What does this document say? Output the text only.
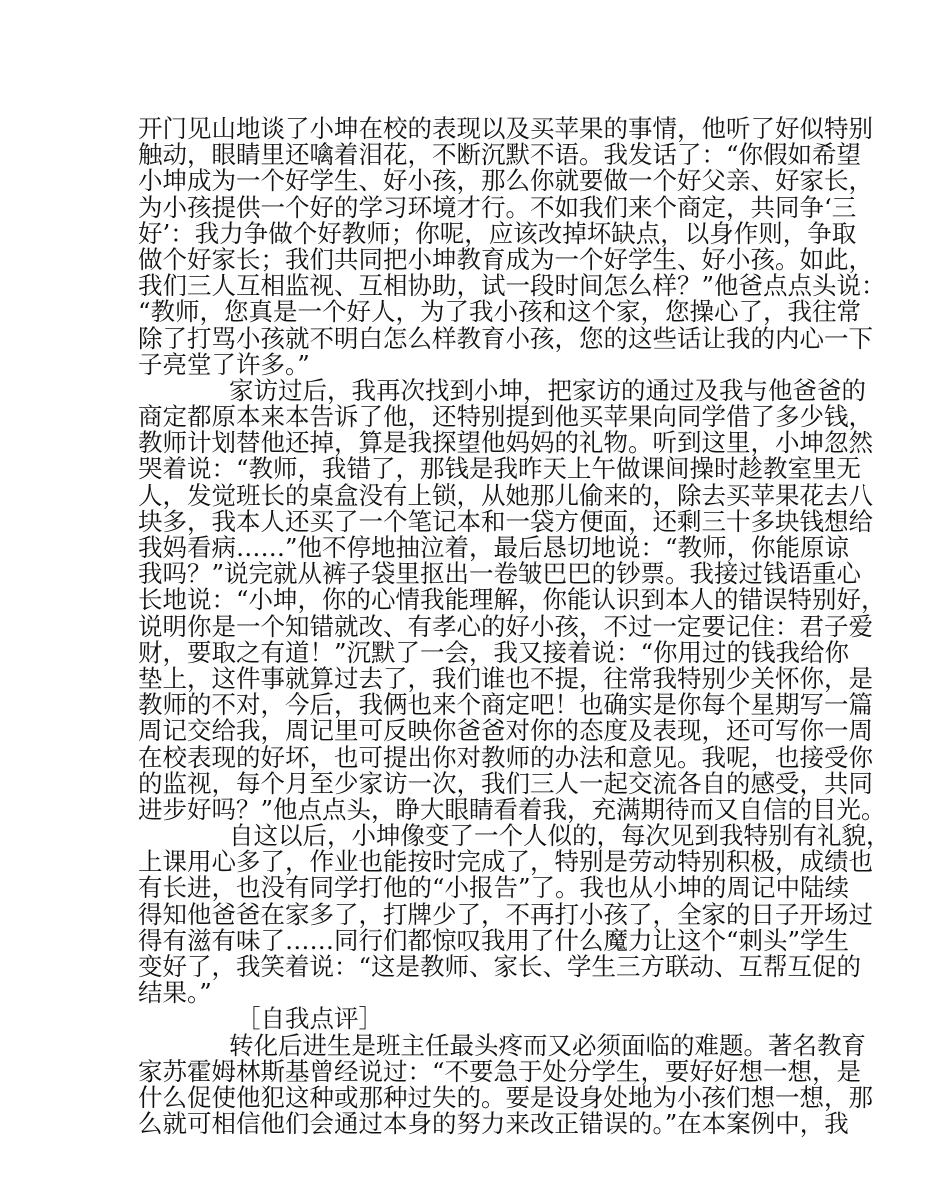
开门见山地谈了小坤在校的表现以及买苹果的事情，他听了好似特别
触动，眼睛里还噙着泪花，不断沉默不语。我发话了：“你假如希望
小坤成为一个好学生、好小孩，那么你就要做一个好父亲、好家长，
为小孩提供一个好的学习环境才行。不如我们来个商定，共同争‘三
好’：我力争做个好教师；你呢，应该改掉坏缺点，以身作则，争取
做个好家长；我们共同把小坤教育成为一个好学生、好小孩。如此，
我们三人互相监视、互相协助，试一段时间怎么样？”他爸点点头说：
“教师，您真是一个好人，为了我小孩和这个家，您操心了，我往常
除了打骂小孩就不明白怎么样教育小孩，您的这些话让我的内心一下
子亮堂了许多。”
家访过后，我再次找到小坤，把家访的通过及我与他爸爸的
商定都原本来本告诉了他，还特别提到他买苹果向同学借了多少钱，
教师计划替他还掉，算是我探望他妈妈的礼物。听到这里，小坤忽然
哭着说：“教师，我错了，那钱是我昨天上午做课间操时趁教室里无
人，发觉班长的桌盒没有上锁，从她那儿偷来的，除去买苹果花去八
块多，我本人还买了一个笔记本和一袋方便面，还剩三十多块钱想给
我妈看病……”他不停地抽泣着，最后恳切地说：“教师，你能原谅
我吗？”说完就从裤子袋里抠出一卷皱巴巴的钞票。我接过钱语重心
长地说：“小坤，你的心情我能理解，你能认识到本人的错误特别好，
说明你是一个知错就改、有孝心的好小孩，不过一定要记住：君子爱
财，要取之有道！”沉默了一会，我又接着说：“你用过的钱我给你
垫上，这件事就算过去了，我们谁也不提，往常我特别少关怀你，是
教师的不对，今后，我俩也来个商定吧！也确实是你每个星期写一篇
周记交给我，周记里可反映你爸爸对你的态度及表现，还可写你一周
在校表现的好坏，也可提出你对教师的办法和意见。我呢，也接受你
的监视，每个月至少家访一次，我们三人一起交流各自的感受，共同
进步好吗？”他点点头，睁大眼睛看着我，充满期待而又自信的目光。
自这以后，小坤像变了一个人似的，每次见到我特别有礼貌，
上课用心多了，作业也能按时完成了，特别是劳动特别积极，成绩也
有长进，也没有同学打他的“小报告”了。我也从小坤的周记中陆续
得知他爸爸在家多了，打牌少了，不再打小孩了，全家的日子开场过
得有滋有味了……同行们都惊叹我用了什么魔力让这个“刺头”学生
变好了，我笑着说：“这是教师、家长、学生三方联动、互帮互促的
结果。”
［自我点评］
转化后进生是班主任最头疼而又必须面临的难题。著名教育
家苏霍姆林斯基曾经说过：“不要急于处分学生，要好好想一想，是
什么促使他犯这种或那种过失的。要是设身处地为小孩们想一想，那
么就可相信他们会通过本身的努力来改正错误的。”在本案例中，我
